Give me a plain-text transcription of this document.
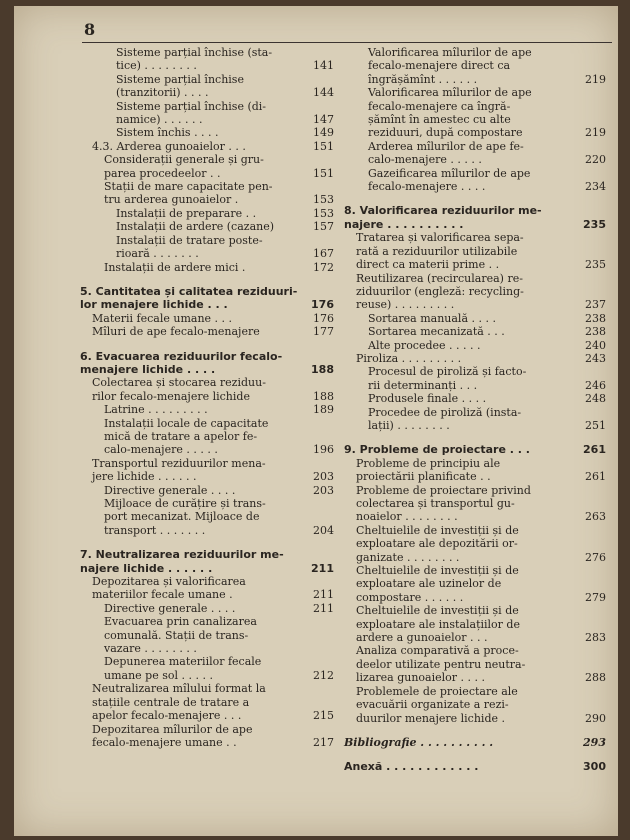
8
Sisteme parțial închise (sta-
tice) . . . . . . . .	141
Sisteme parțial închise
(tranzitorii) . . . .	144
Sisteme parțial închise (di-
namice) . . . . . .	147
Sistem închis . . . .	149
4.3. Arderea gunoaielor . . .	151
Considerații generale și gru-
parea procedeelor . .	151
Stații de mare capacitate pen-
tru arderea gunoaielor .	153
Instalații de preparare . .	153
Instalații de ardere (cazane)	157
Instalații de tratare poste-
rioară . . . . . . .	167
Instalații de ardere mici .	172
5. Cantitatea și calitatea reziduuri-
lor menajere lichide . . .	176
Materii fecale umane . . .	176
Mîluri de ape fecalo-menajere	177
6. Evacuarea reziduurilor fecalo-
menajere lichide . . . .	188
Colectarea și stocarea reziduu-
rilor fecalo-menajere lichide	188
Latrine . . . . . . . . .	189
Instalații locale de capacitate
mică de tratare a apelor fe-
calo-menajere . . . . .	196
Transportul reziduurilor mena-
jere lichide . . . . . .	203
Directive generale . . . .	203
Mijloace de curățire și trans-
port mecanizat. Mijloace de
transport . . . . . . .	204
7. Neutralizarea reziduurilor me-
najere lichide . . . . . .	211
Depozitarea și valorificarea
materiilor fecale umane .	211
Directive generale . . . .	211
Evacuarea prin canalizarea
comunală. Stații de trans-
vazare . . . . . . . .
Depunerea materiilor fecale
umane pe sol . . . . .	212
Neutralizarea mîlului format la
stațiile centrale de tratare a
apelor fecalo-menajere . . .	215
Depozitarea mîlurilor de ape
fecalo-menajere umane . .	217
Valorificarea mîlurilor de ape
fecalo-menajere direct ca
îngrășămînt . . . . . .	219
Valorificarea mîlurilor de ape
fecalo-menajere ca îngră-
șămînt în amestec cu alte
reziduuri, după compostare	219
Arderea mîlurilor de ape fe-
calo-menajere . . . . .	220
Gazeificarea mîlurilor de ape
fecalo-menajere . . . .	234
8. Valorificarea reziduurilor me-
najere . . . . . . . . . .	235
Tratarea și valorificarea sepa-
rată a reziduurilor utilizabile
direct ca materii prime . .	235
Reutilizarea (recircularea) re-
ziduurilor (engleză: recycling-
reuse) . . . . . . . . .	237
Sortarea manuală . . . .	238
Sortarea mecanizată . . .	238
Alte procedee . . . . .	240
Piroliza . . . . . . . . .	243
Procesul de piroliză și facto-
rii determinanți . . .	246
Produsele finale . . . .	248
Procedee de piroliză (insta-
lații) . . . . . . . .	251
9. Probleme de proiectare . . .	261
Probleme de principiu ale
proiectării planificate . .	261
Probleme de proiectare privind
colectarea și transportul gu-
noaielor . . . . . . . .	263
Cheltuielile de investiții și de
exploatare ale depozitării or-
ganizate . . . . . . . .	276
Cheltuielile de investiții și de
exploatare ale uzinelor de
compostare . . . . . .	279
Cheltuielile de investiții și de
exploatare ale instalațiilor de
ardere a gunoaielor . . .	283
Analiza comparativă a proce-
deelor utilizate pentru neutra-
lizarea gunoaielor . . . .	288
Problemele de proiectare ale
evacuării organizate a rezi-
duurilor menajere lichide .	290
Bibliografie . . . . . . . . . .	293
Anexă . . . . . . . . . . . .	300
